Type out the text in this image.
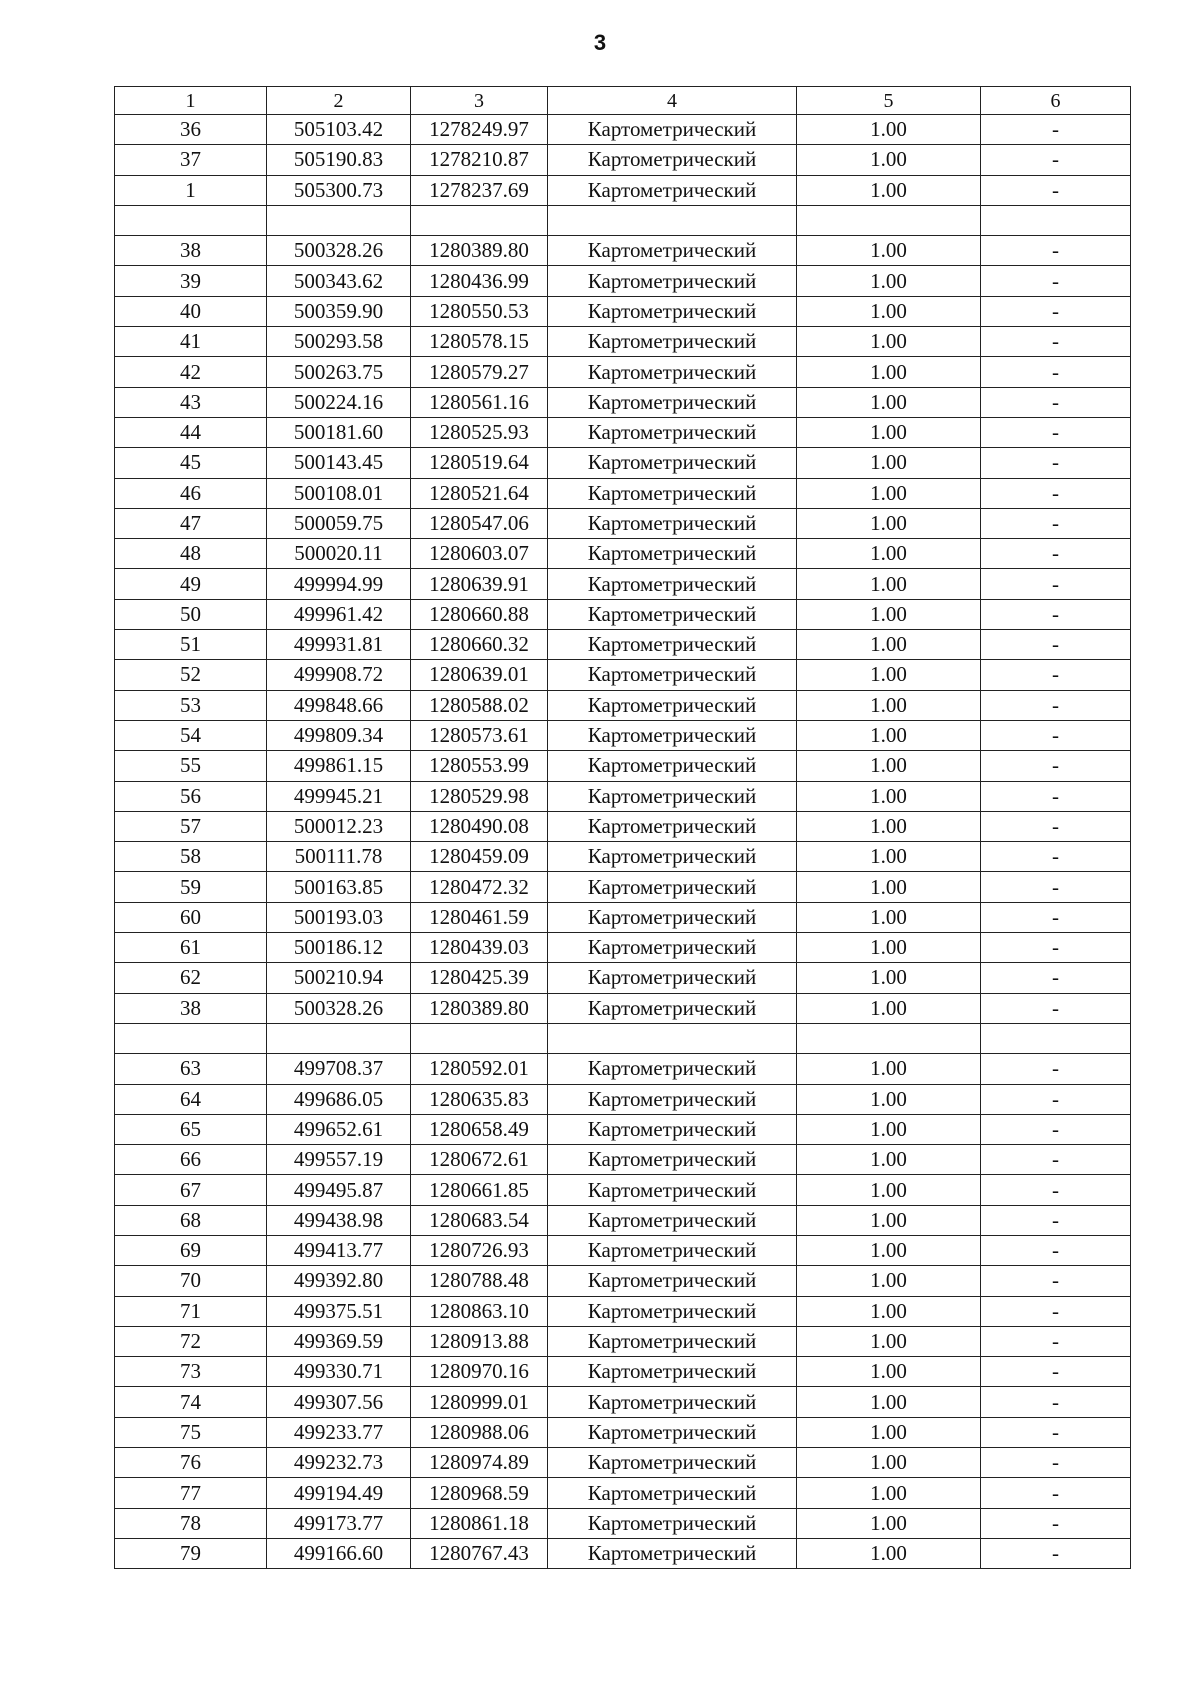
3
1	2	3	4	5	6
36	505103.42	1278249.97	Картометрический	1.00	-
37	505190.83	1278210.87	Картометрический	1.00	-
1	505300.73	1278237.69	Картометрический	1.00	-

38	500328.26	1280389.80	Картометрический	1.00	-
39	500343.62	1280436.99	Картометрический	1.00	-
40	500359.90	1280550.53	Картометрический	1.00	-
41	500293.58	1280578.15	Картометрический	1.00	-
42	500263.75	1280579.27	Картометрический	1.00	-
43	500224.16	1280561.16	Картометрический	1.00	-
44	500181.60	1280525.93	Картометрический	1.00	-
45	500143.45	1280519.64	Картометрический	1.00	-
46	500108.01	1280521.64	Картометрический	1.00	-
47	500059.75	1280547.06	Картометрический	1.00	-
48	500020.11	1280603.07	Картометрический	1.00	-
49	499994.99	1280639.91	Картометрический	1.00	-
50	499961.42	1280660.88	Картометрический	1.00	-
51	499931.81	1280660.32	Картометрический	1.00	-
52	499908.72	1280639.01	Картометрический	1.00	-
53	499848.66	1280588.02	Картометрический	1.00	-
54	499809.34	1280573.61	Картометрический	1.00	-
55	499861.15	1280553.99	Картометрический	1.00	-
56	499945.21	1280529.98	Картометрический	1.00	-
57	500012.23	1280490.08	Картометрический	1.00	-
58	500111.78	1280459.09	Картометрический	1.00	-
59	500163.85	1280472.32	Картометрический	1.00	-
60	500193.03	1280461.59	Картометрический	1.00	-
61	500186.12	1280439.03	Картометрический	1.00	-
62	500210.94	1280425.39	Картометрический	1.00	-
38	500328.26	1280389.80	Картометрический	1.00	-

63	499708.37	1280592.01	Картометрический	1.00	-
64	499686.05	1280635.83	Картометрический	1.00	-
65	499652.61	1280658.49	Картометрический	1.00	-
66	499557.19	1280672.61	Картометрический	1.00	-
67	499495.87	1280661.85	Картометрический	1.00	-
68	499438.98	1280683.54	Картометрический	1.00	-
69	499413.77	1280726.93	Картометрический	1.00	-
70	499392.80	1280788.48	Картометрический	1.00	-
71	499375.51	1280863.10	Картометрический	1.00	-
72	499369.59	1280913.88	Картометрический	1.00	-
73	499330.71	1280970.16	Картометрический	1.00	-
74	499307.56	1280999.01	Картометрический	1.00	-
75	499233.77	1280988.06	Картометрический	1.00	-
76	499232.73	1280974.89	Картометрический	1.00	-
77	499194.49	1280968.59	Картометрический	1.00	-
78	499173.77	1280861.18	Картометрический	1.00	-
79	499166.60	1280767.43	Картометрический	1.00	-
